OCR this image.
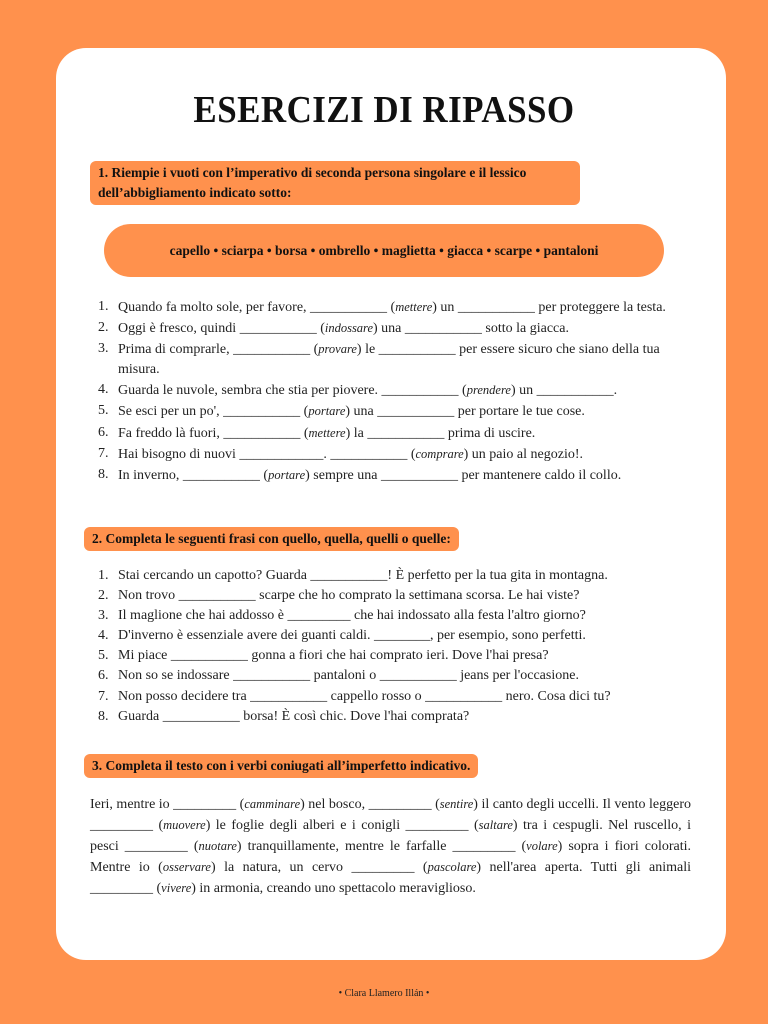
ESERCIZI DI RIPASSO
1. Riempie i vuoti con l’imperativo di seconda persona singolare e il lessico dell’abbigliamento indicato sotto:
capello • sciarpa • borsa • ombrello • maglietta • giacca • scarpe • pantaloni
1. Quando fa molto sole, per favore, ___________ (mettere) un ___________ per proteggere la testa.
2. Oggi è fresco, quindi ___________ (indossare) una ___________ sotto la giacca.
3. Prima di comprarle, ___________ (provare) le ___________ per essere sicuro che siano della tua misura.
4. Guarda le nuvole, sembra che stia per piovere. ___________ (prendere) un ___________.
5. Se esci per un po', ___________ (portare) una ___________ per portare le tue cose.
6. Fa freddo là fuori, ___________ (mettere) la ___________ prima di uscire.
7. Hai bisogno di nuovi ____________. ___________ (comprare) un paio al negozio!.
8. In inverno, ___________ (portare) sempre una ___________ per mantenere caldo il collo.
2. Completa le seguenti frasi con quello, quella, quelli o quelle:
1. Stai cercando un capotto? Guarda ___________! È perfetto per la tua gita in montagna.
2. Non trovo ___________ scarpe che ho comprato la settimana scorsa. Le hai viste?
3. Il maglione che hai addosso è _________ che hai indossato alla festa l'altro giorno?
4. D'inverno è essenziale avere dei guanti caldi. ________, per esempio, sono perfetti.
5. Mi piace ___________ gonna a fiori che hai comprato ieri. Dove l'hai presa?
6. Non so se indossare ___________ pantaloni o ___________ jeans per l'occasione.
7. Non posso decidere tra ___________ cappello rosso o ___________ nero. Cosa dici tu?
8. Guarda ___________ borsa! È così chic. Dove l'hai comprata?
3. Completa il testo con i verbi coniugati all’imperfetto indicativo.
Ieri, mentre io _________ (camminare) nel bosco, _________ (sentire) il canto degli uccelli. Il vento leggero _________ (muovere) le foglie degli alberi e i conigli _________ (saltare) tra i cespugli. Nel ruscello, i pesci _________ (nuotare) tranquillamente, mentre le farfalle _________ (volare) sopra i fiori colorati. Mentre io (osservare) la natura, un cervo _________ (pascolare) nell'area aperta. Tutti gli animali _________ (vivere) in armonia, creando uno spettacolo meraviglioso.
• Clara Llamero Illán •
